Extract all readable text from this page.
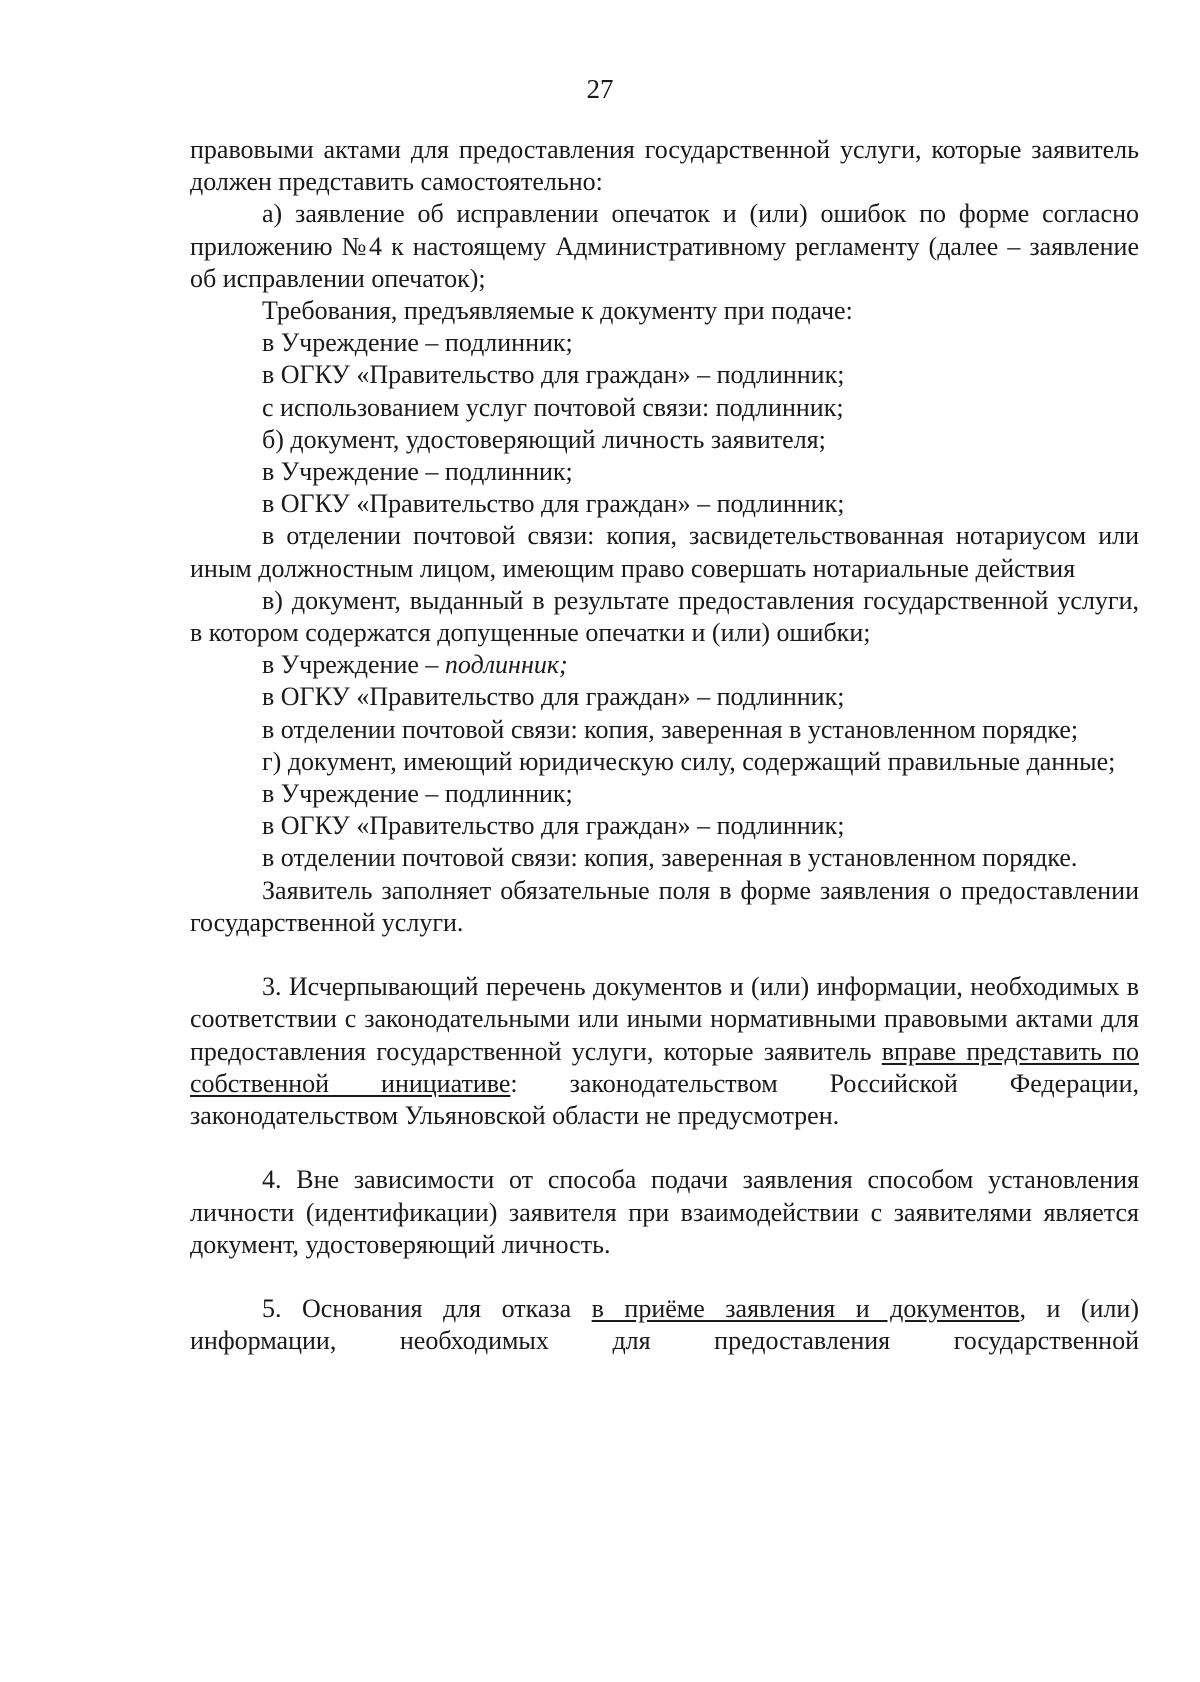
27

правовыми актами для предоставления государственной услуги, которые заявитель должен представить самостоятельно:

а) заявление об исправлении опечаток и (или) ошибок по форме согласно приложению №4 к настоящему Административному регламенту (далее – заявление об исправлении опечаток);

Требования, предъявляемые к документу при подаче:

в Учреждение – подлинник;

в ОГКУ «Правительство для граждан» – подлинник;

с использованием услуг почтовой связи: подлинник;

б) документ, удостоверяющий личность заявителя;

в Учреждение – подлинник;

в ОГКУ «Правительство для граждан» – подлинник;

в отделении почтовой связи: копия, засвидетельствованная нотариусом или иным должностным лицом, имеющим право совершать нотариальные действия

в) документ, выданный в результате предоставления государственной услуги, в котором содержатся допущенные опечатки и (или) ошибки;

в Учреждение – подлинник;

в ОГКУ «Правительство для граждан» – подлинник;

в отделении почтовой связи: копия, заверенная в установленном порядке;

г) документ, имеющий юридическую силу, содержащий правильные данные;

в Учреждение – подлинник;

в ОГКУ «Правительство для граждан» – подлинник;

в отделении почтовой связи: копия, заверенная в установленном порядке.

Заявитель заполняет обязательные поля в форме заявления о предоставлении государственной услуги.

3. Исчерпывающий перечень документов и (или) информации, необходимых в соответствии с законодательными или иными нормативными правовыми актами для предоставления государственной услуги, которые заявитель вправе представить по собственной инициативе: законодательством Российской Федерации, законодательством Ульяновской области не предусмотрен.

4. Вне зависимости от способа подачи заявления способом установления личности (идентификации) заявителя при взаимодействии с заявителями является документ, удостоверяющий личность.

5. Основания для отказа в приёме заявления и документов, и (или) информации, необходимых для предоставления государственной
